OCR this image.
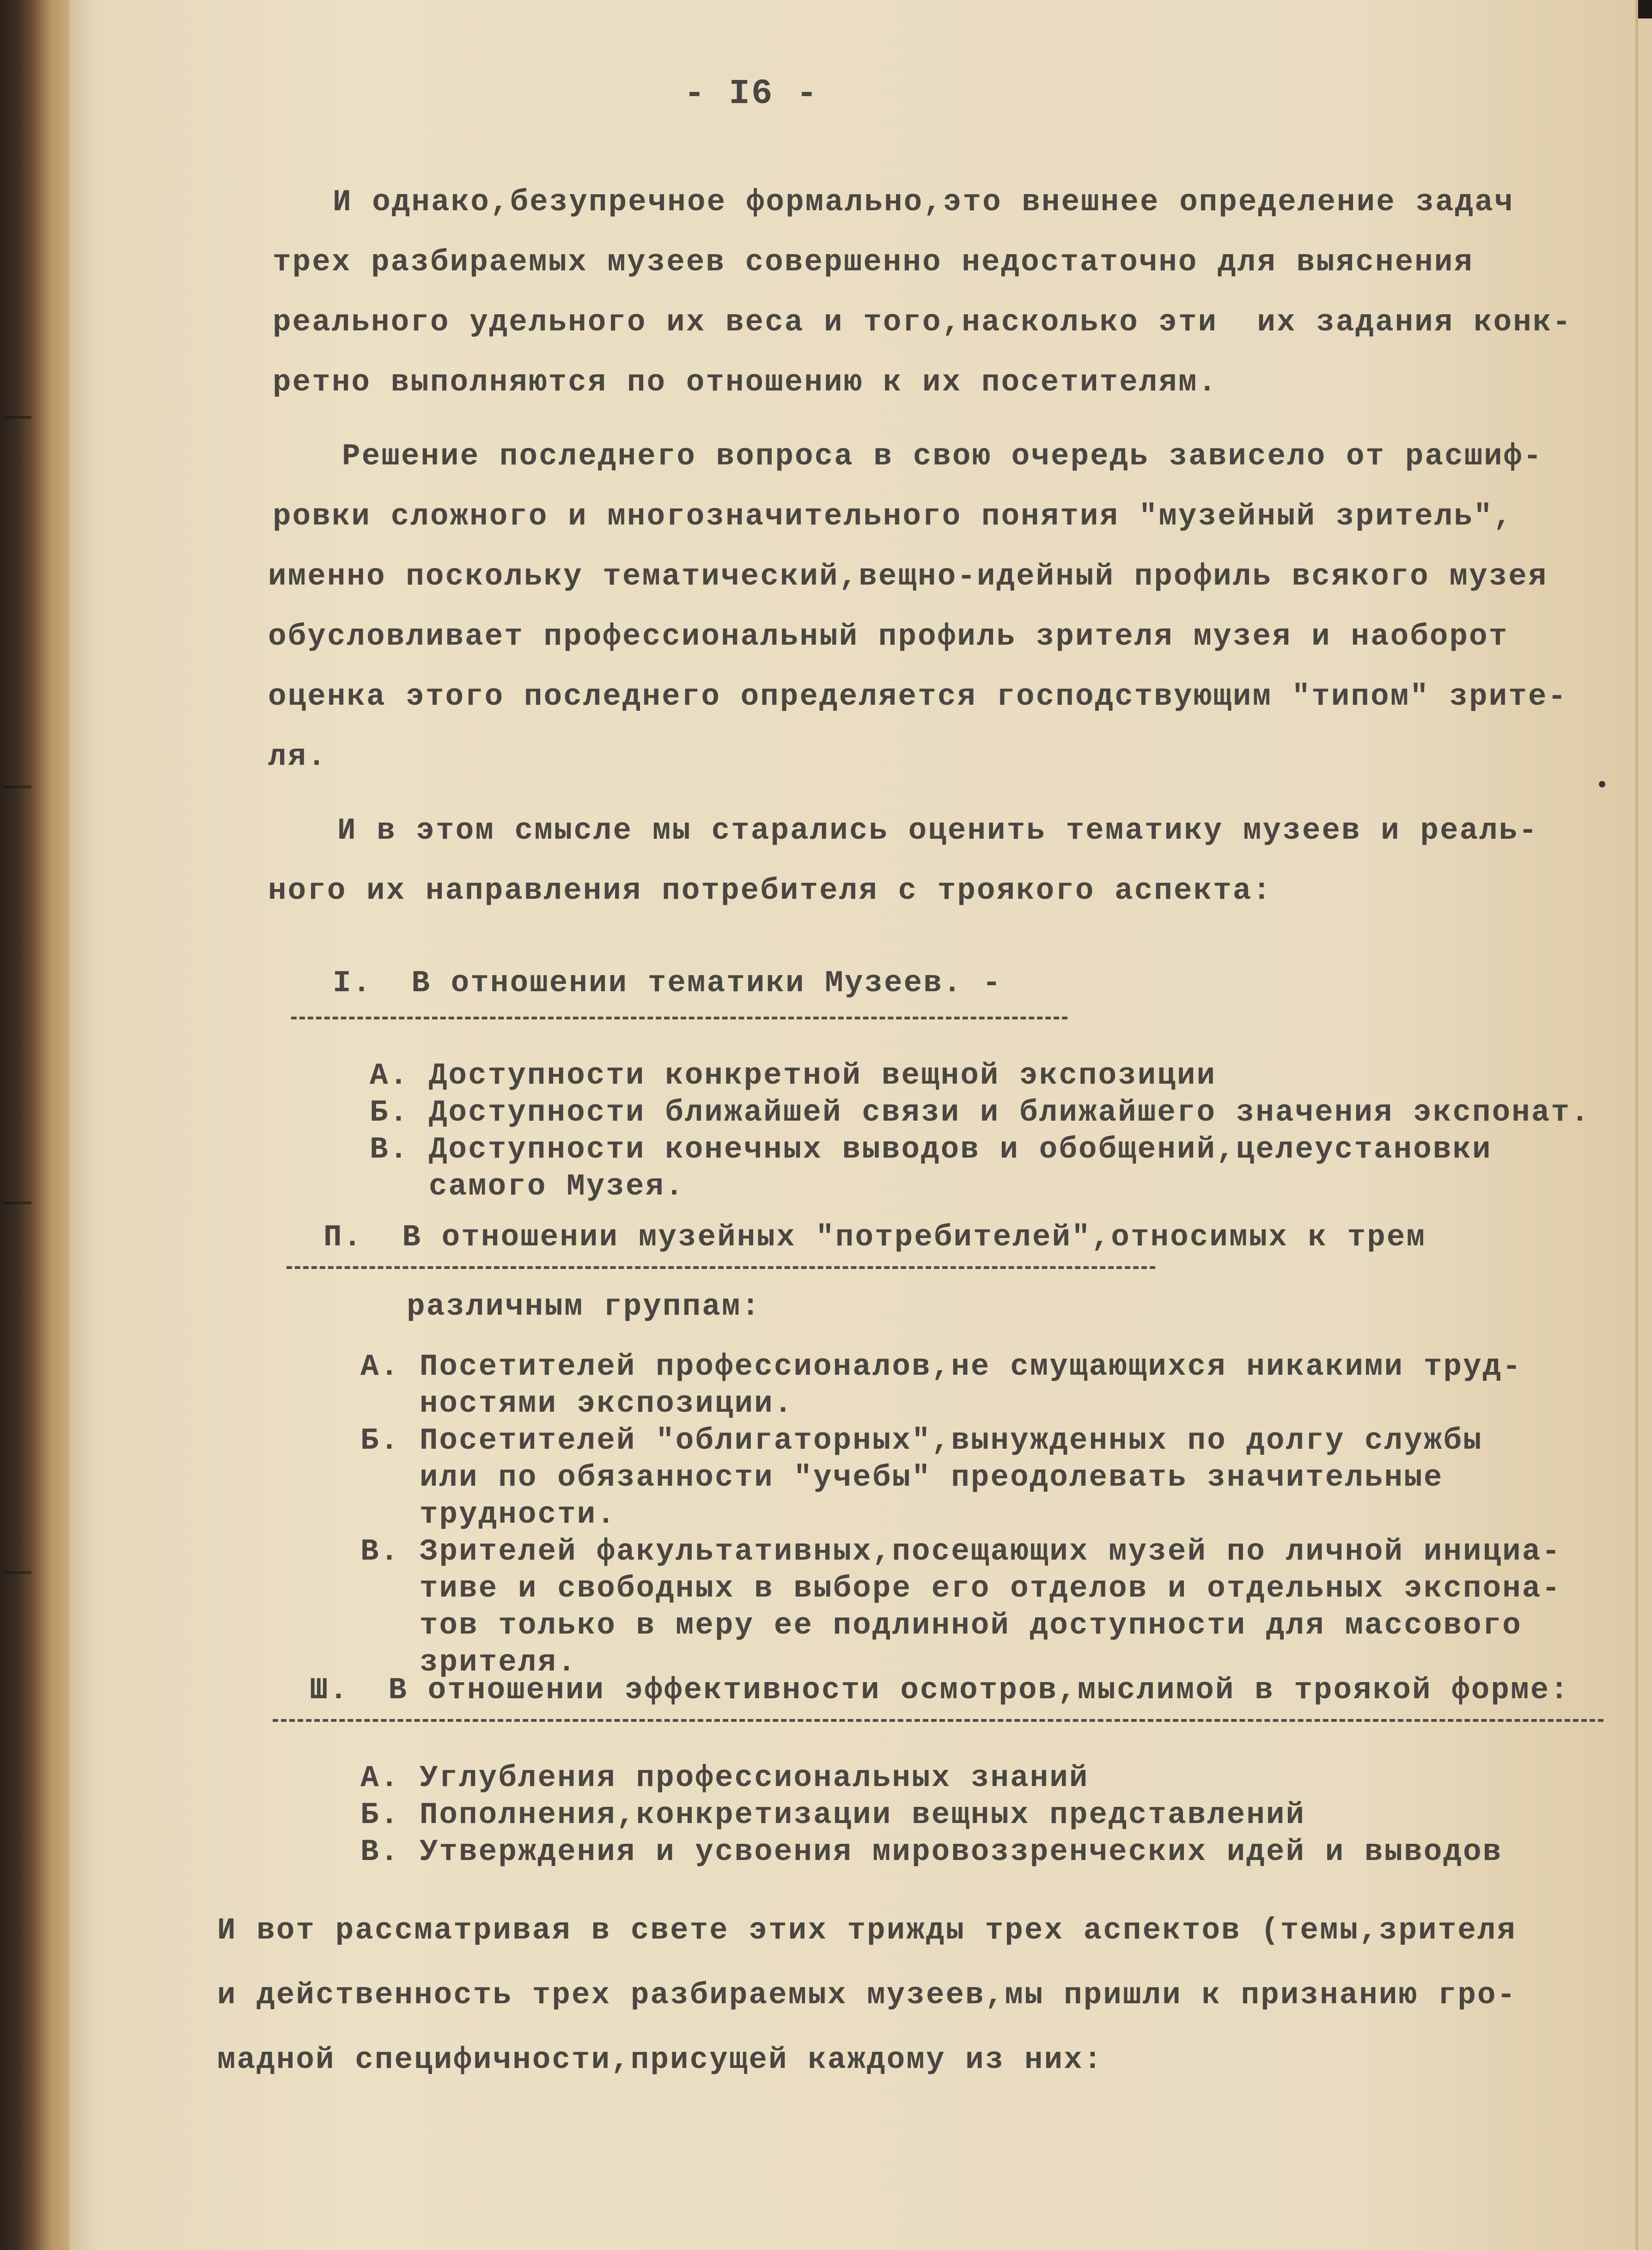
- I6 -
И однако,безупречное формально,это внешнее определение задач
трех разбираемых музеев совершенно недостаточно для выяснения
реального удельного их веса и того,насколько эти  их задания конк-
ретно выполняются по отношению к их посетителям.
Решение последнего вопроса в свою очередь зависело от расшиф-
ровки сложного и многозначительного понятия "музейный зритель",
именно поскольку тематический,вещно-идейный профиль всякого музея
обусловливает профессиональный профиль зрителя музея и наоборот
оценка этого последнего определяется господствующим "типом" зрите-
ля.
И в этом смысле мы старались оценить тематику музеев и реаль-
ного их направления потребителя с троякого аспекта:
I.  В отношении тематики Музеев. -
А. Доступности конкретной вещной экспозиции
Б. Доступности ближайшей связи и ближайшего значения экспонат.
В. Доступности конечных выводов и обобщений,целеустановки
самого Музея.
П.  В отношении музейных "потребителей",относимых к трем
различным группам:
А. Посетителей профессионалов,не смущающихся никакими труд-
ностями экспозиции.
Б. Посетителей "облигаторных",вынужденных по долгу службы
или по обязанности "учебы" преодолевать значительные
трудности.
В. Зрителей факультативных,посещающих музей по личной инициа-
тиве и свободных в выборе его отделов и отдельных экспона-
тов только в меру ее подлинной доступности для массового
зрителя.
Ш.  В отношении эффективности осмотров,мыслимой в троякой форме:
А. Углубления профессиональных знаний
Б. Пополнения,конкретизации вещных представлений
В. Утверждения и усвоения мировоззренческих идей и выводов
И вот рассматривая в свете этих трижды трех аспектов (темы,зрителя
и действенность трех разбираемых музеев,мы пришли к признанию гро-
мадной специфичности,присущей каждому из них:
